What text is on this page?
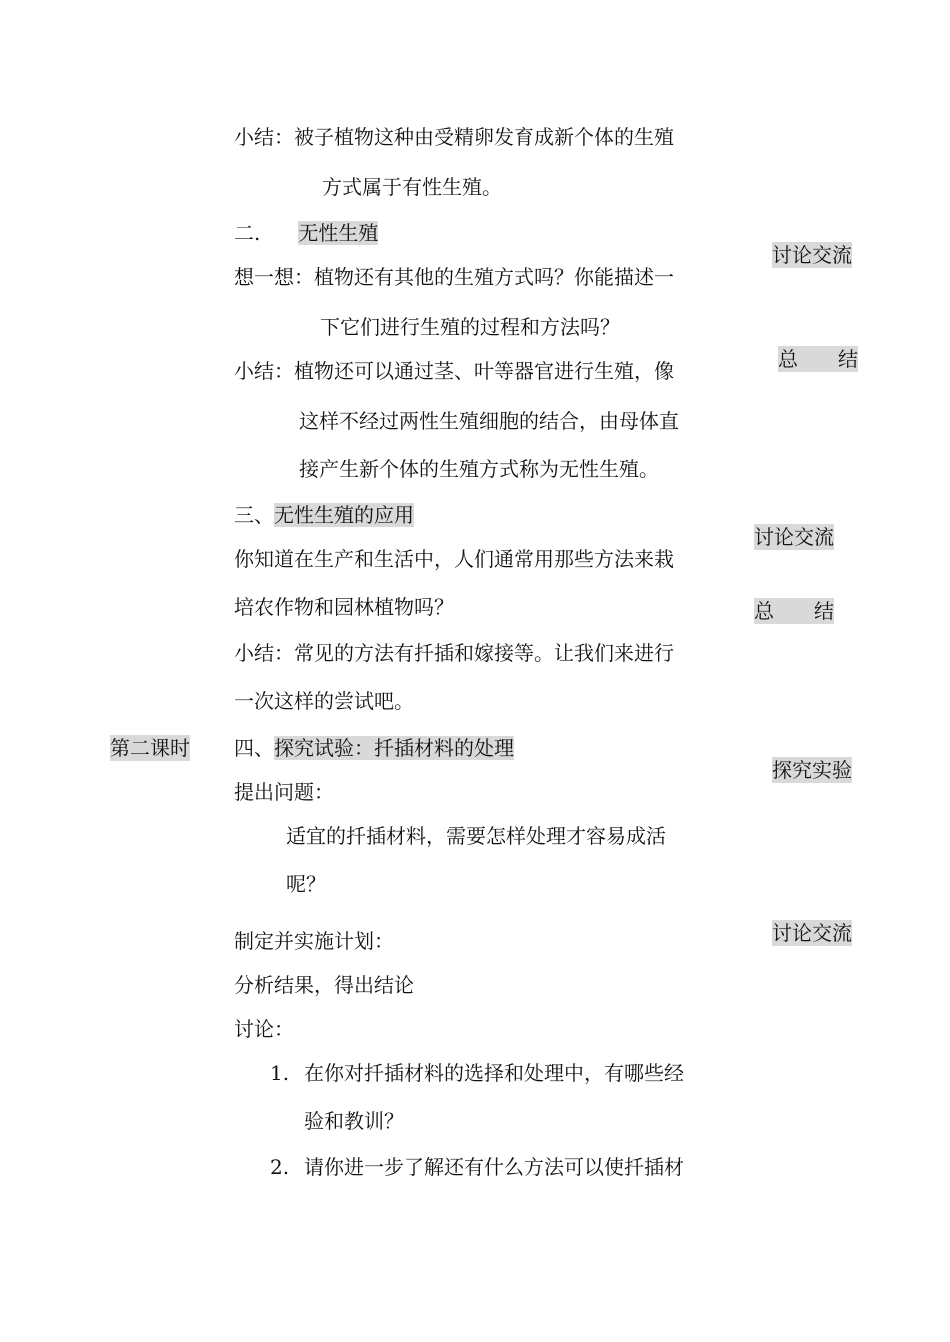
小结：被子植物这种由受精卵发育成新个体的生殖
方式属于有性生殖。
二. 无性生殖
想一想：植物还有其他的生殖方式吗？你能描述一
下它们进行生殖的过程和方法吗？
小结：植物还可以通过茎、叶等器官进行生殖，像
这样不经过两性生殖细胞的结合，由母体直
接产生新个体的生殖方式称为无性生殖。
三、无性生殖的应用
你知道在生产和生活中，人们通常用那些方法来栽
培农作物和园林植物吗？
小结：常见的方法有扦插和嫁接等。让我们来进行
一次这样的尝试吧。
第二课时 四、探究试验：扦插材料的处理
提出问题：
适宜的扦插材料，需要怎样处理才容易成活
呢？
制定并实施计划：
分析结果，得出结论
讨论：
1. 在你对扦插材料的选择和处理中，有哪些经
验和教训？
2. 请你进一步了解还有什么方法可以使扦插材
讨论交流
总　　结
讨论交流
总　　结
探究实验
讨论交流
